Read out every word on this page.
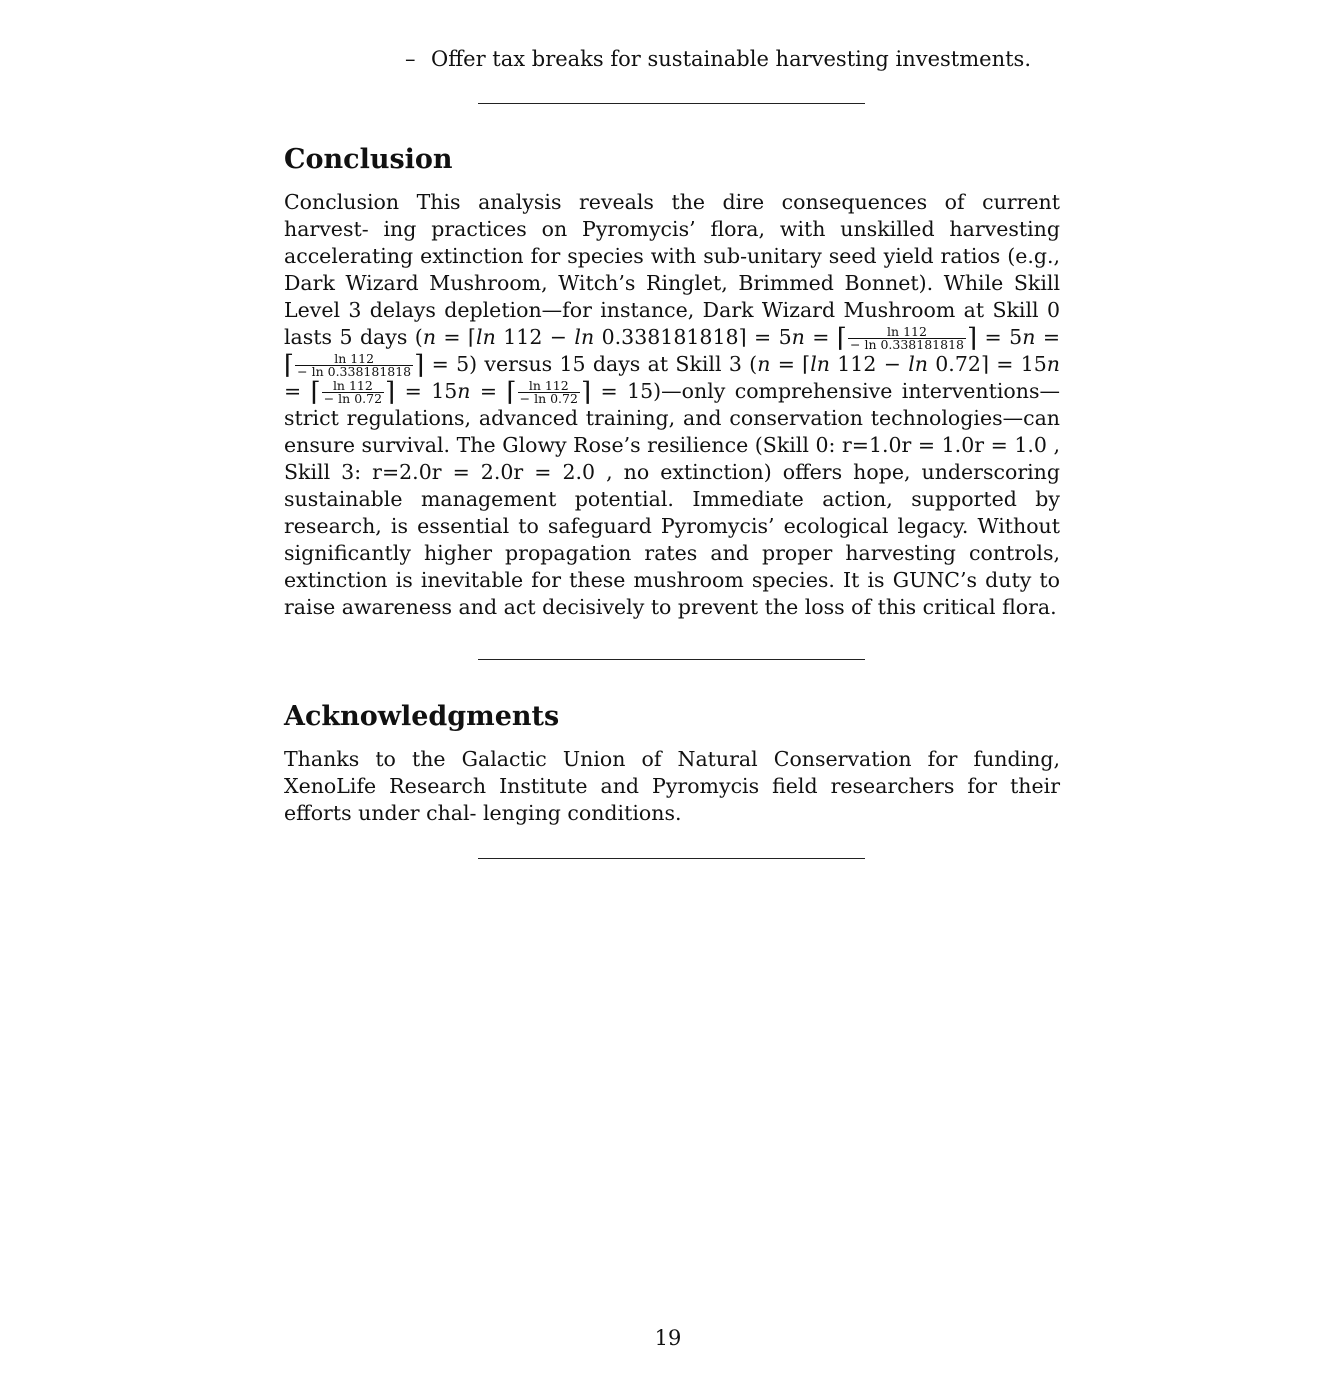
– Offer tax breaks for sustainable harvesting investments.
Conclusion
Conclusion This analysis reveals the dire consequences of current harvest- ing practices on Pyromycis’ flora, with unskilled harvesting accelerating extinction for species with sub-unitary seed yield ratios (e.g., Dark Wizard Mushroom, Witch’s Ringlet, Brimmed Bonnet). While Skill Level 3 delays depletion—for instance, Dark Wizard Mushroom at Skill 0 lasts 5 days (n = ⌈ln 112 − ln 0.338181818⌉ = 5n = ⌈ $\frac{\ln 112}{- \ln 0.338181818}$ ⌉ = 5n = ⌈ $\frac{\ln 112}{- \ln 0.338181818}$ ⌉ = 5) versus 15 days at Skill 3 (n = ⌈ln 112 − ln 0.72⌉ = 15n = ⌈ $\frac{\ln 112}{- \ln 0.72}$ ⌉ = 15n = ⌈ $\frac{\ln 112}{- \ln 0.72}$ ⌉ = 15)—only comprehensive interventions—strict regulations, advanced training, and conservation technologies—can ensure survival. The Glowy Rose’s resilience (Skill 0: r=1.0r = 1.0r = 1.0 , Skill 3: r=2.0r = 2.0r = 2.0 , no extinction) offers hope, underscoring sustainable management potential. Immediate action, supported by research, is essential to safeguard Pyromycis’ ecological legacy. Without significantly higher propagation rates and proper harvesting controls, extinction is inevitable for these mushroom species. It is GUNC’s duty to raise awareness and act decisively to prevent the loss of this critical flora.
Acknowledgments
Thanks to the Galactic Union of Natural Conservation for funding, XenoLife Research Institute and Pyromycis field researchers for their efforts under chal- lenging conditions.
19
